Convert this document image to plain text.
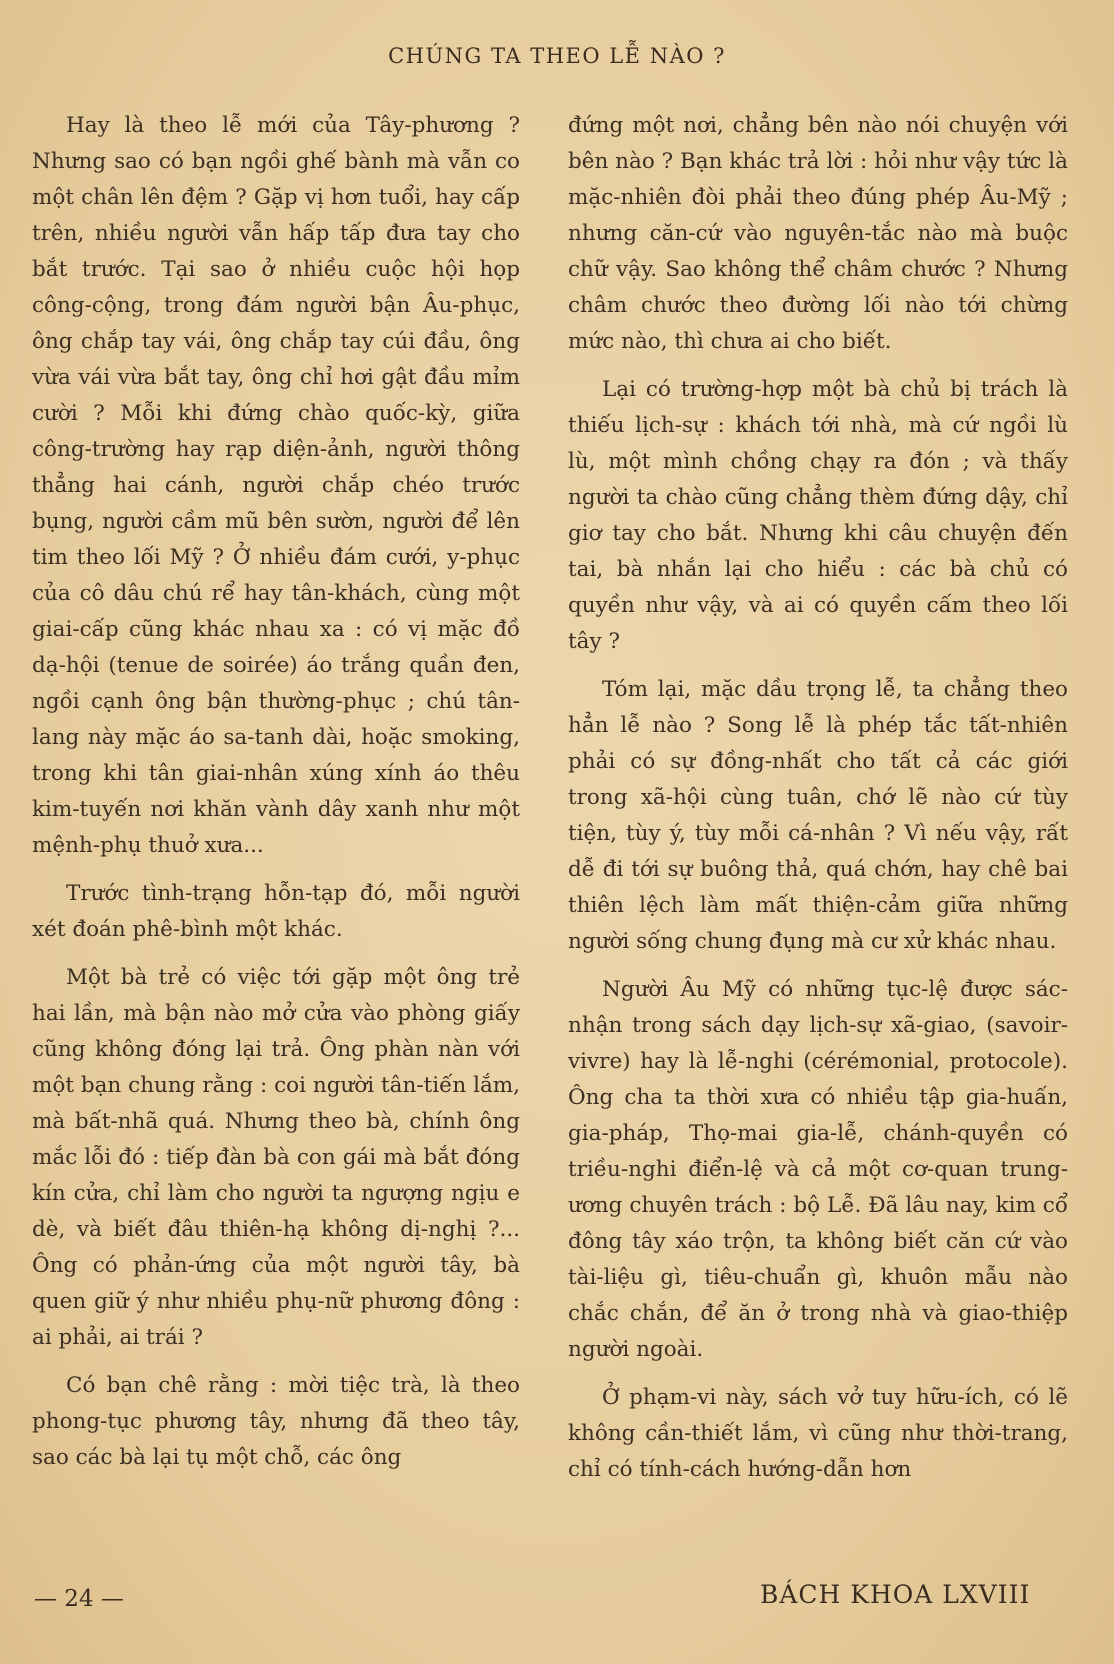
CHÚNG TA THEO LỄ NÀO ?

Hay là theo lễ mới của Tây-phương ? Nhưng sao có bạn ngồi ghế bành mà vẫn co một chân lên đệm ? Gặp vị hơn tuổi, hay cấp trên, nhiều người vẫn hấp tấp đưa tay cho bắt trước. Tại sao ở nhiều cuộc hội họp công-cộng, trong đám người bận Âu-phục, ông chắp tay vái, ông chắp tay cúi đầu, ông vừa vái vừa bắt tay, ông chỉ hơi gật đầu mỉm cười ? Mỗi khi đứng chào quốc-kỳ, giữa công-trường hay rạp diện-ảnh, người thông thẳng hai cánh, người chắp chéo trước bụng, người cầm mũ bên sườn, người để lên tim theo lối Mỹ ? Ở nhiều đám cưới, y-phục của cô dâu chú rể hay tân-khách, cùng một giai-cấp cũng khác nhau xa : có vị mặc đồ dạ-hội (tenue de soirée) áo trắng quần đen, ngồi cạnh ông bận thường-phục ; chú tân-lang này mặc áo sa-tanh dài, hoặc smoking, trong khi tân giai-nhân xúng xính áo thêu kim-tuyến nơi khăn vành dây xanh như một mệnh-phụ thuở xưa...

Trước tình-trạng hỗn-tạp đó, mỗi người xét đoán phê-bình một khác.

Một bà trẻ có việc tới gặp một ông trẻ hai lần, mà bận nào mở cửa vào phòng giấy cũng không đóng lại trả. Ông phàn nàn với một bạn chung rằng : coi người tân-tiến lắm, mà bất-nhã quá. Nhưng theo bà, chính ông mắc lỗi đó : tiếp đàn bà con gái mà bắt đóng kín cửa, chỉ làm cho người ta ngượng ngịu e dè, và biết đâu thiên-hạ không dị-nghị ?... Ông có phản-ứng của một người tây, bà quen giữ ý như nhiều phụ-nữ phương đông : ai phải, ai trái ?

Có bạn chê rằng : mời tiệc trà, là theo phong-tục phương tây, nhưng đã theo tây, sao các bà lại tụ một chỗ, các ông

đứng một nơi, chẳng bên nào nói chuyện với bên nào ? Bạn khác trả lời : hỏi như vậy tức là mặc-nhiên đòi phải theo đúng phép Âu-Mỹ ; nhưng căn-cứ vào nguyên-tắc nào mà buộc chữ vậy. Sao không thể châm chước ? Nhưng châm chước theo đường lối nào tới chừng mức nào, thì chưa ai cho biết.

Lại có trường-hợp một bà chủ bị trách là thiếu lịch-sự : khách tới nhà, mà cứ ngồi lù lù, một mình chồng chạy ra đón ; và thấy người ta chào cũng chẳng thèm đứng dậy, chỉ giơ tay cho bắt. Nhưng khi câu chuyện đến tai, bà nhắn lại cho hiểu : các bà chủ có quyền như vậy, và ai có quyền cấm theo lối tây ?

Tóm lại, mặc dầu trọng lễ, ta chẳng theo hẳn lễ nào ? Song lễ là phép tắc tất-nhiên phải có sự đồng-nhất cho tất cả các giới trong xã-hội cùng tuân, chớ lẽ nào cứ tùy tiện, tùy ý, tùy mỗi cá-nhân ? Vì nếu vậy, rất dễ đi tới sự buông thả, quá chớn, hay chê bai thiên lệch làm mất thiện-cảm giữa những người sống chung đụng mà cư xử khác nhau.

Người Âu Mỹ có những tục-lệ được sác-nhận trong sách dạy lịch-sự xã-giao, (savoir-vivre) hay là lễ-nghi (cérémonial, protocole). Ông cha ta thời xưa có nhiều tập gia-huấn, gia-pháp, Thọ-mai gia-lễ, chánh-quyền có triều-nghi điển-lệ và cả một cơ-quan trung-ương chuyên trách : bộ Lễ. Đã lâu nay, kim cổ đông tây xáo trộn, ta không biết căn cứ vào tài-liệu gì, tiêu-chuẩn gì, khuôn mẫu nào chắc chắn, để ăn ở trong nhà và giao-thiệp người ngoài.

Ở phạm-vi này, sách vở tuy hữu-ích, có lẽ không cần-thiết lắm, vì cũng như thời-trang, chỉ có tính-cách hướng-dẫn hơn

— 24 —	BÁCH KHOA LXVIII
